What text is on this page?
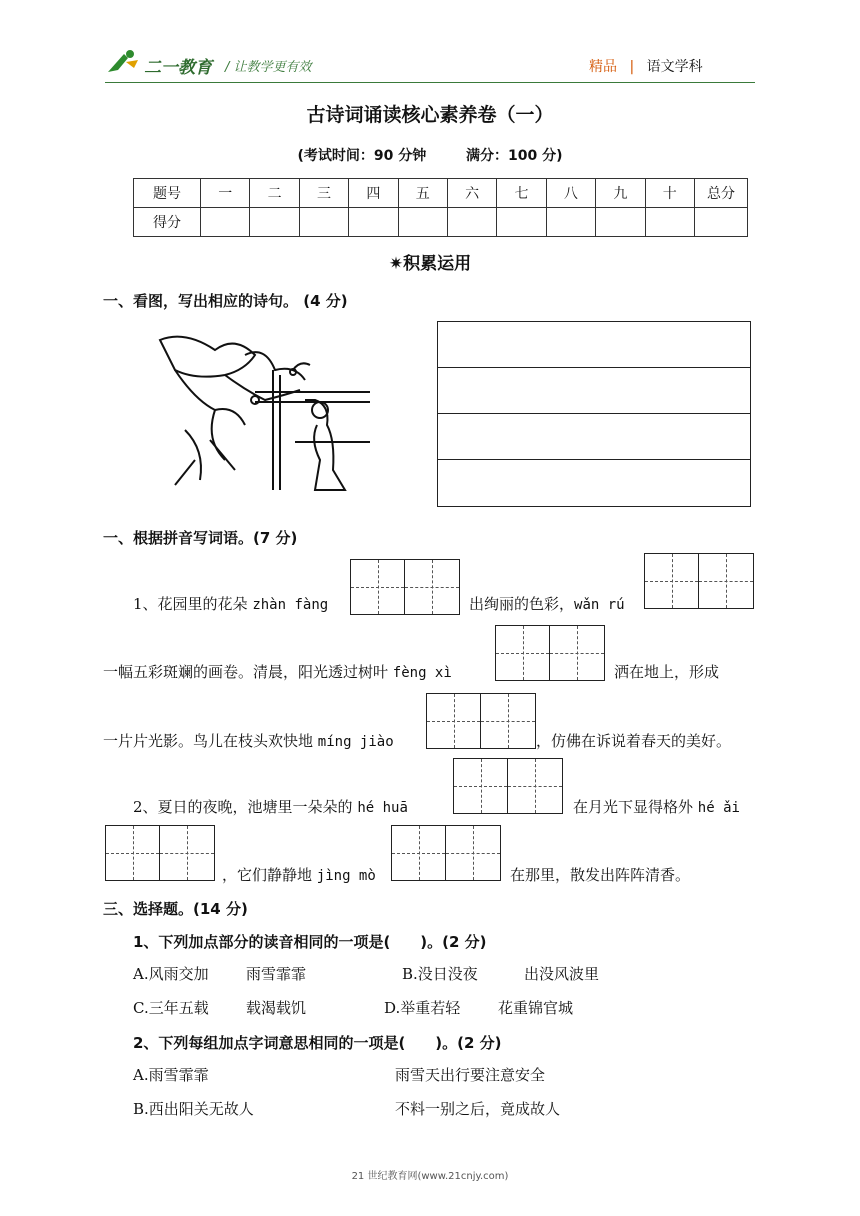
二一教育 / 让教学更有效	精品 | 语文学科
古诗词诵读核心素养卷（一）
(考试时间：90 分钟	满分：100 分)
题号	一	二	三	四	五	六	七	八	九	十	总分
得分											
✷积累运用
一、看图，写出相应的诗句。 (4 分)
一、根据拼音写词语。(7 分)
1、花园里的花朵 zhàn fàng	出绚丽的色彩，wǎn rú
一幅五彩斑斓的画卷。清晨，阳光透过树叶 fèng xì	洒在地上，形成
一片片光影。鸟儿在枝头欢快地 míng jiào	，仿佛在诉说着春天的美好。
2、夏日的夜晚，池塘里一朵朵的 hé huā	在月光下显得格外 hé ǎi
，它们静静地 jìng mò	在那里，散发出阵阵清香。
三、选择题。(14 分)
1、下列加点部分的读音相同的一项是(　　)。(2 分)
A.风雨交加 雨雪霏霏	B.没日没夜	出没风波里
C.三年五载 载渴载饥	D.举重若轻	花重锦官城
2、下列每组加点字词意思相同的一项是(　　)。(2 分)
A.雨雪霏霏	雨雪天出行要注意安全
B.西出阳关无故人	不料一别之后，竟成故人
21 世纪教育网(www.21cnjy.com)
